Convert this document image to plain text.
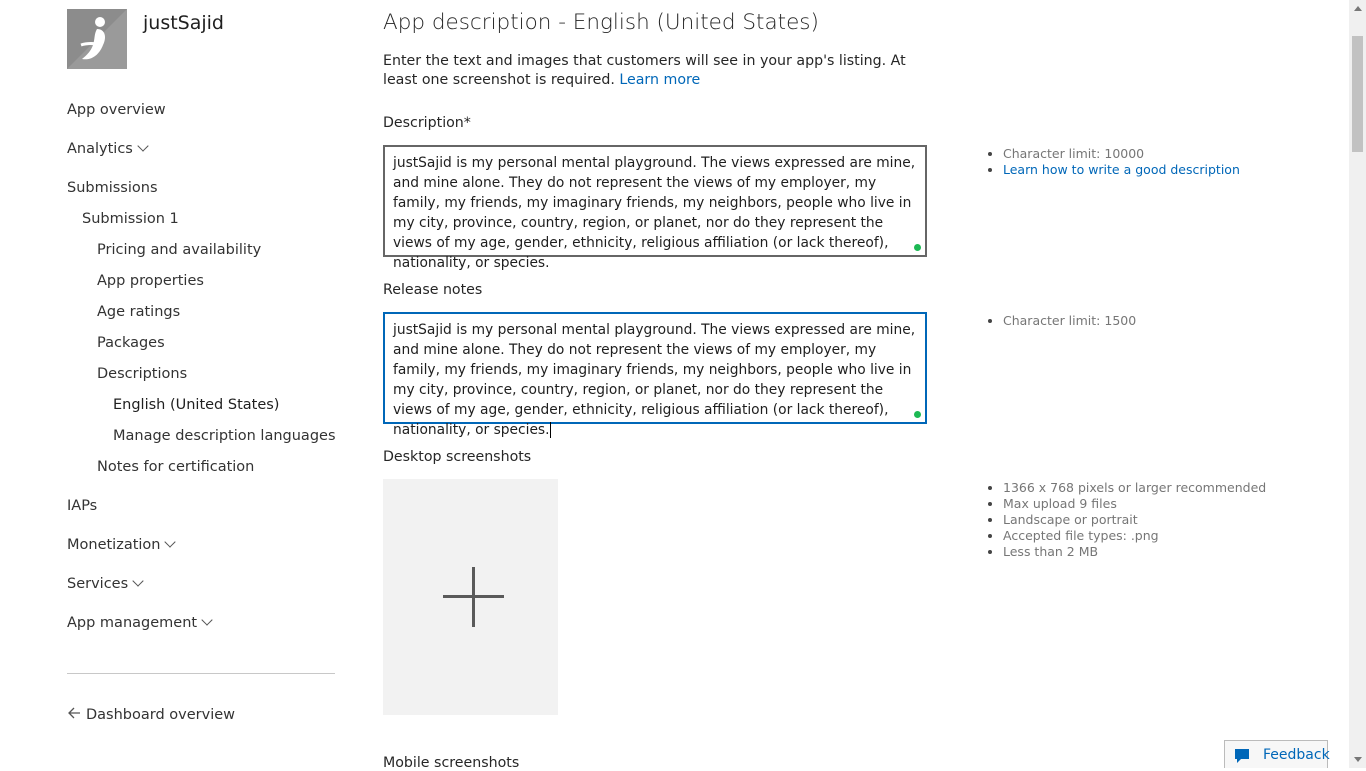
justSajid
App overview
Analytics
Submissions
Submission 1
Pricing and availability
App properties
Age ratings
Packages
Descriptions
English (United States)
Manage description languages
Notes for certification
IAPs
Monetization
Services
App management
Dashboard overview
App description - English (United States)
Enter the text and images that customers will see in your app's listing. At least one screenshot is required. Learn more
Description*
justSajid is my personal mental playground. The views expressed are mine, and mine alone. They do not represent the views of my employer, my family, my friends, my imaginary friends, my neighbors, people who live in my city, province, country, region, or planet, nor do they represent the views of my age, gender, ethnicity, religious affiliation (or lack thereof), nationality, or species.
Release notes
justSajid is my personal mental playground. The views expressed are mine, and mine alone. They do not represent the views of my employer, my family, my friends, my imaginary friends, my neighbors, people who live in my city, province, country, region, or planet, nor do they represent the views of my age, gender, ethnicity, religious affiliation (or lack thereof), nationality, or species.
Desktop screenshots
Mobile screenshots
• Character limit: 10000
• Learn how to write a good description
• Character limit: 1500
• 1366 x 768 pixels or larger recommended
• Max upload 9 files
• Landscape or portrait
• Accepted file types: .png
• Less than 2 MB
Feedback
